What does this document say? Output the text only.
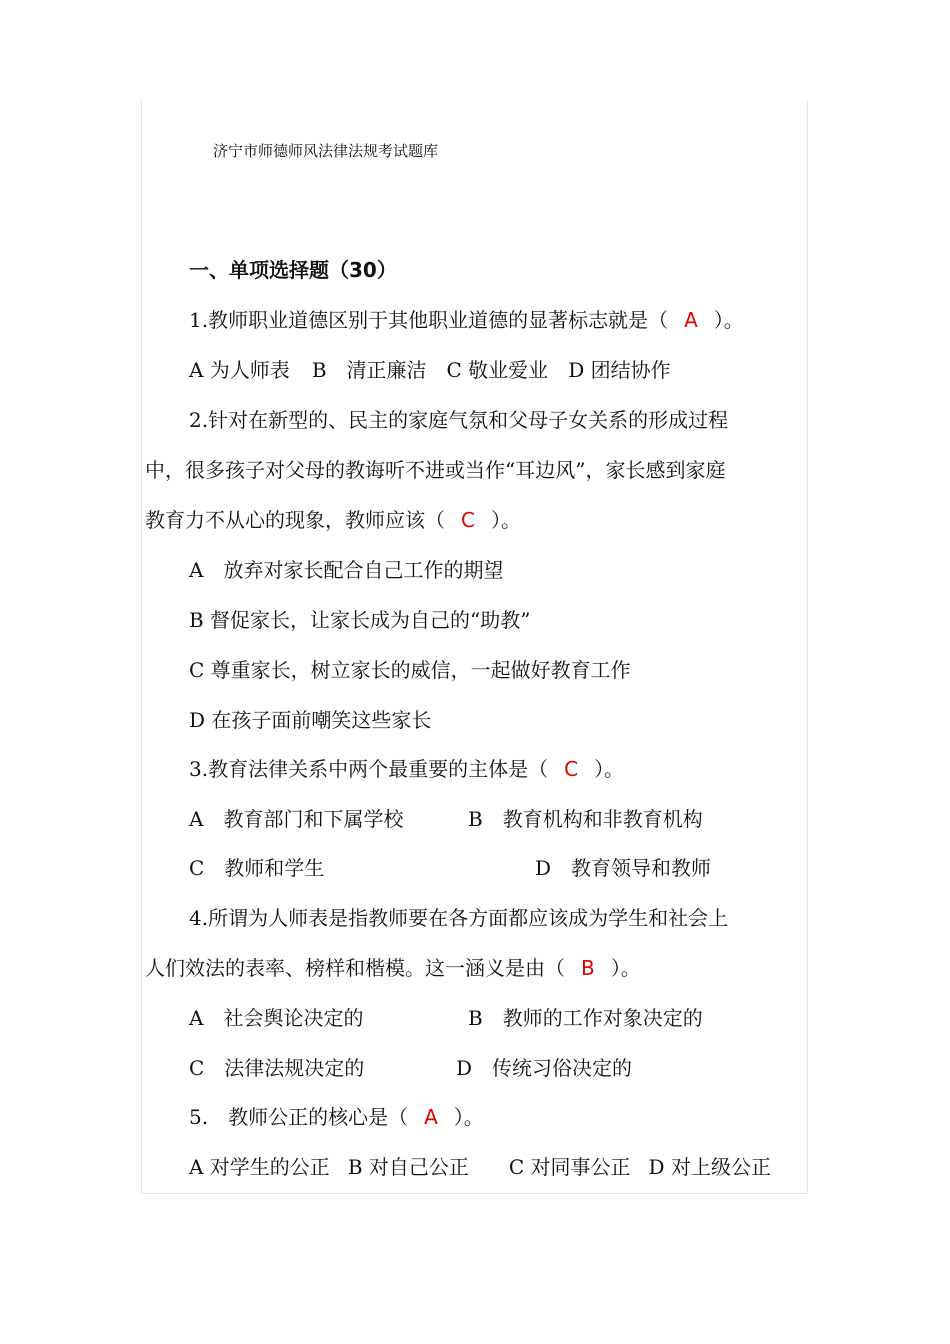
济宁市师德师风法律法规考试题库
一、单项选择题（30）
1.教师职业道德区别于其他职业道德的显著标志就是（ A ）。
A 为人师表 B　清正廉洁 C 敬业爱业 D 团结协作
2.针对在新型的、民主的家庭气氛和父母子女关系的形成过程
中，很多孩子对父母的教诲听不进或当作“耳边风”，家长感到家庭
教育力不从心的现象，教师应该（ C ）。
A　放弃对家长配合自己工作的期望
B 督促家长，让家长成为自己的“助教”
C 尊重家长，树立家长的威信，一起做好教育工作
D 在孩子面前嘲笑这些家长
3.教育法律关系中两个最重要的主体是（ C ）。
A　教育部门和下属学校	B　教育机构和非教育机构
C　教师和学生	D　教育领导和教师
4.所谓为人师表是指教师要在各方面都应该成为学生和社会上
人们效法的表率、榜样和楷模。这一涵义是由（ B ）。
A　社会舆论决定的	B　教师的工作对象决定的
C　法律法规决定的	D　传统习俗决定的
5.　教师公正的核心是（ A ）。
A 对学生的公正 B 对自己公正 C 对同事公正 D 对上级公正
